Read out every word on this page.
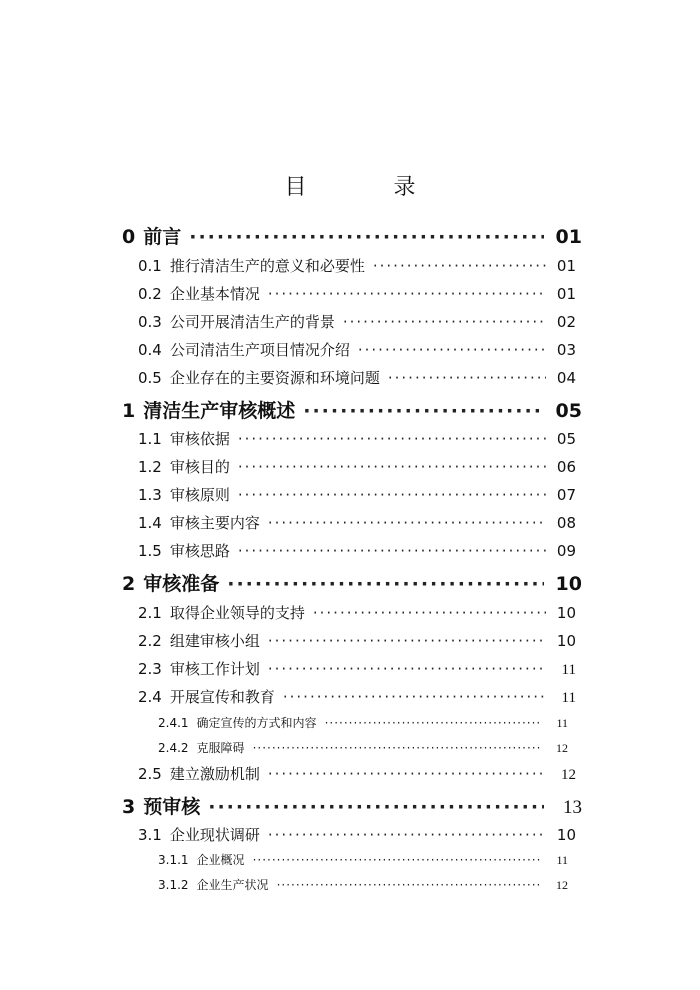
目 录
0 前言 ·····	01
0.1 推行清洁生产的意义和必要性 ·····	01
0.2 企业基本情况 ·····	01
0.3 公司开展清洁生产的背景 ·····	02
0.4 公司清洁生产项目情况介绍 ·····	03
0.5 企业存在的主要资源和环境问题 ·····	04
1 清洁生产审核概述 ·····	05
1.1 审核依据 ·····	05
1.2 审核目的 ·····	06
1.3 审核原则 ·····	07
1.4 审核主要内容 ·····	08
1.5 审核思路 ·····	09
2 审核准备 ·····	10
2.1 取得企业领导的支持 ·····	10
2.2 组建审核小组 ·····	10
2.3 审核工作计划 ·····	11
2.4 开展宣传和教育 ·····	11
2.4.1 确定宣传的方式和内容 ·····	11
2.4.2 克服障碍 ·····	12
2.5 建立激励机制 ·····	12
3 预审核 ·····	13
3.1 企业现状调研 ·····	10
3.1.1 企业概况 ·····	11
3.1.2 企业生产状况 ·····	12
